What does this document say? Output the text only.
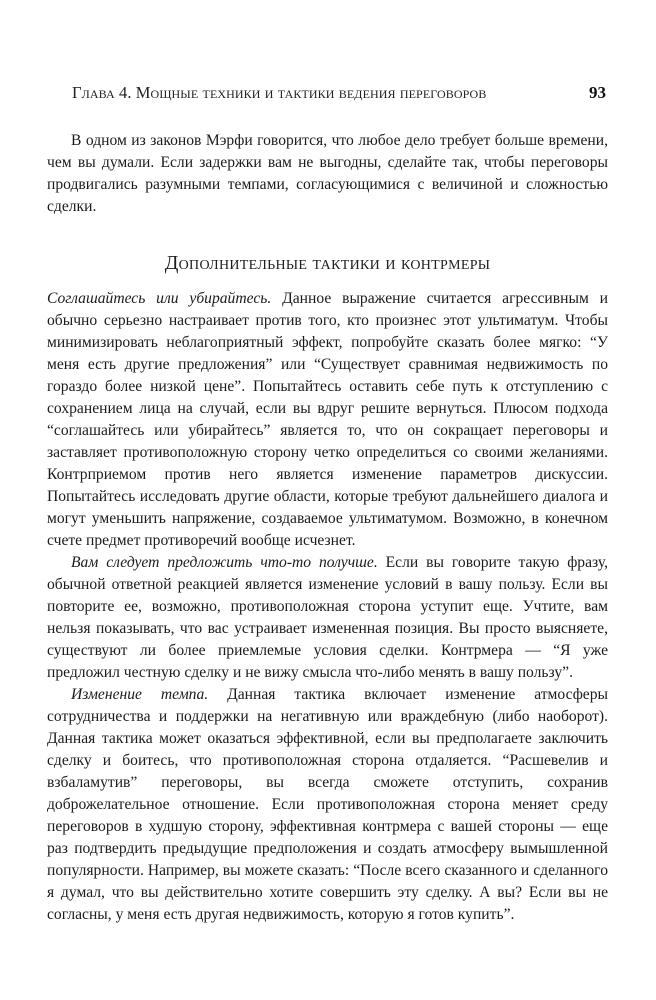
Глава 4. Мощные техники и тактики ведения переговоров	93

В одном из законов Мэрфи говорится, что любое дело требует больше времени, чем вы думали. Если задержки вам не выгодны, сделайте так, чтобы переговоры продвигались разумными темпами, согласующимися с величиной и сложностью сделки.

Дополнительные тактики и контрмеры

Соглашайтесь или убирайтесь. Данное выражение считается агрессивным и обычно серьезно настраивает против того, кто произнес этот ультиматум. Чтобы минимизировать неблагоприятный эффект, попробуйте сказать более мягко: “У меня есть другие предложения” или “Существует сравнимая недвижимость по гораздо более низкой цене”. Попытайтесь оставить себе путь к отступлению с сохранением лица на случай, если вы вдруг решите вернуться. Плюсом подхода “соглашайтесь или убирайтесь” является то, что он сокращает переговоры и заставляет противоположную сторону четко определиться со своими желаниями. Контрприемом против него является изменение параметров дискуссии. Попытайтесь исследовать другие области, которые требуют дальнейшего диалога и могут уменьшить напряжение, создаваемое ультиматумом. Возможно, в конечном счете предмет противоречий вообще исчезнет.

Вам следует предложить что-то получше. Если вы говорите такую фразу, обычной ответной реакцией является изменение условий в вашу пользу. Если вы повторите ее, возможно, противоположная сторона уступит еще. Учтите, вам нельзя показывать, что вас устраивает измененная позиция. Вы просто выясняете, существуют ли более приемлемые условия сделки. Контрмера — “Я уже предложил честную сделку и не вижу смысла что-либо менять в вашу пользу”.

Изменение темпа. Данная тактика включает изменение атмосферы сотрудничества и поддержки на негативную или враждебную (либо наоборот). Данная тактика может оказаться эффективной, если вы предполагаете заключить сделку и боитесь, что противоположная сторона отдаляется. “Расшевелив и взбаламутив” переговоры, вы всегда сможете отступить, сохранив доброжелательное отношение. Если противоположная сторона меняет среду переговоров в худшую сторону, эффективная контрмера с вашей стороны — еще раз подтвердить предыдущие предположения и создать атмосферу вымышленной популярности. Например, вы можете сказать: “После всего сказанного и сделанного я думал, что вы действительно хотите совершить эту сделку. А вы? Если вы не согласны, у меня есть другая недвижимость, которую я готов купить”.
